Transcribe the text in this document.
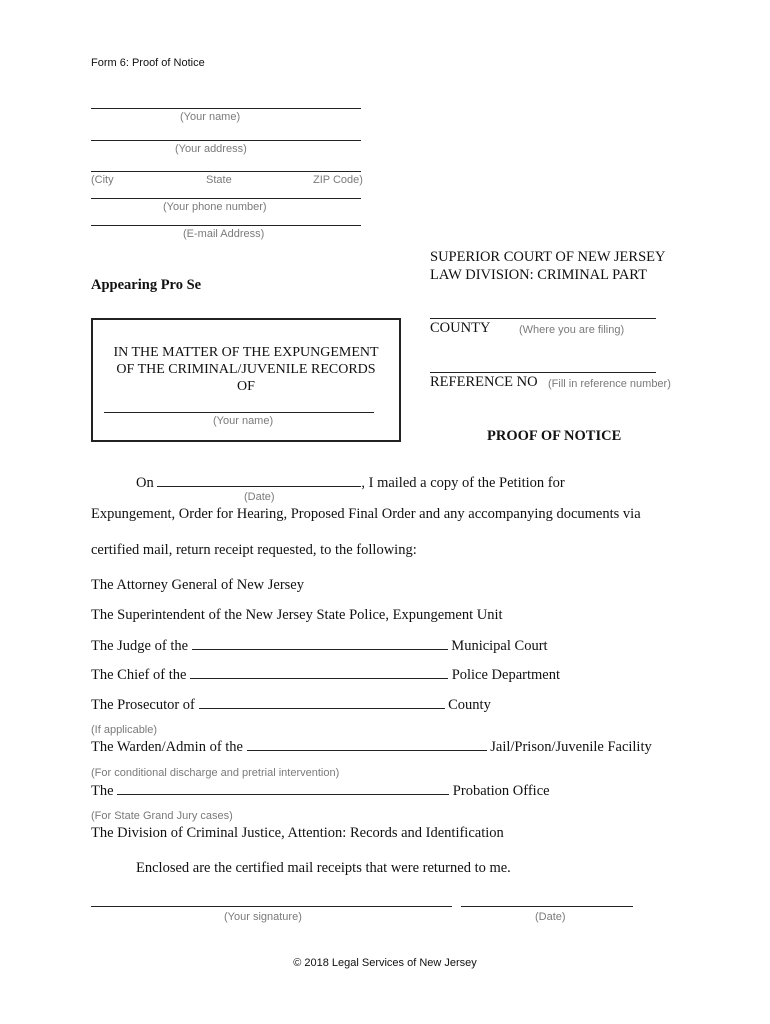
Form 6: Proof of Notice
(Your name)
(Your address)
(City	State	ZIP Code)
(Your phone number)
(E-mail Address)
Appearing Pro Se
SUPERIOR COURT OF NEW JERSEY
LAW DIVISION: CRIMINAL PART
COUNTY	(Where you are filing)
REFERENCE NO (Fill in reference number)
IN THE MATTER OF THE EXPUNGEMENT
OF THE CRIMINAL/JUVENILE RECORDS
OF
(Your name)
PROOF OF NOTICE
On	, I mailed a copy of the Petition for
(Date)
Expungement, Order for Hearing, Proposed Final Order and any accompanying documents via
certified mail, return receipt requested, to the following:
The Attorney General of New Jersey
The Superintendent of the New Jersey State Police, Expungement Unit
The Judge of the	Municipal Court
The Chief of the	Police Department
The Prosecutor of	County
(If applicable)
The Warden/Admin of the	Jail/Prison/Juvenile Facility
(For conditional discharge and pretrial intervention)
The	Probation Office
(For State Grand Jury cases)
The Division of Criminal Justice, Attention: Records and Identification
Enclosed are the certified mail receipts that were returned to me.
(Your signature)	(Date)
© 2018 Legal Services of New Jersey
